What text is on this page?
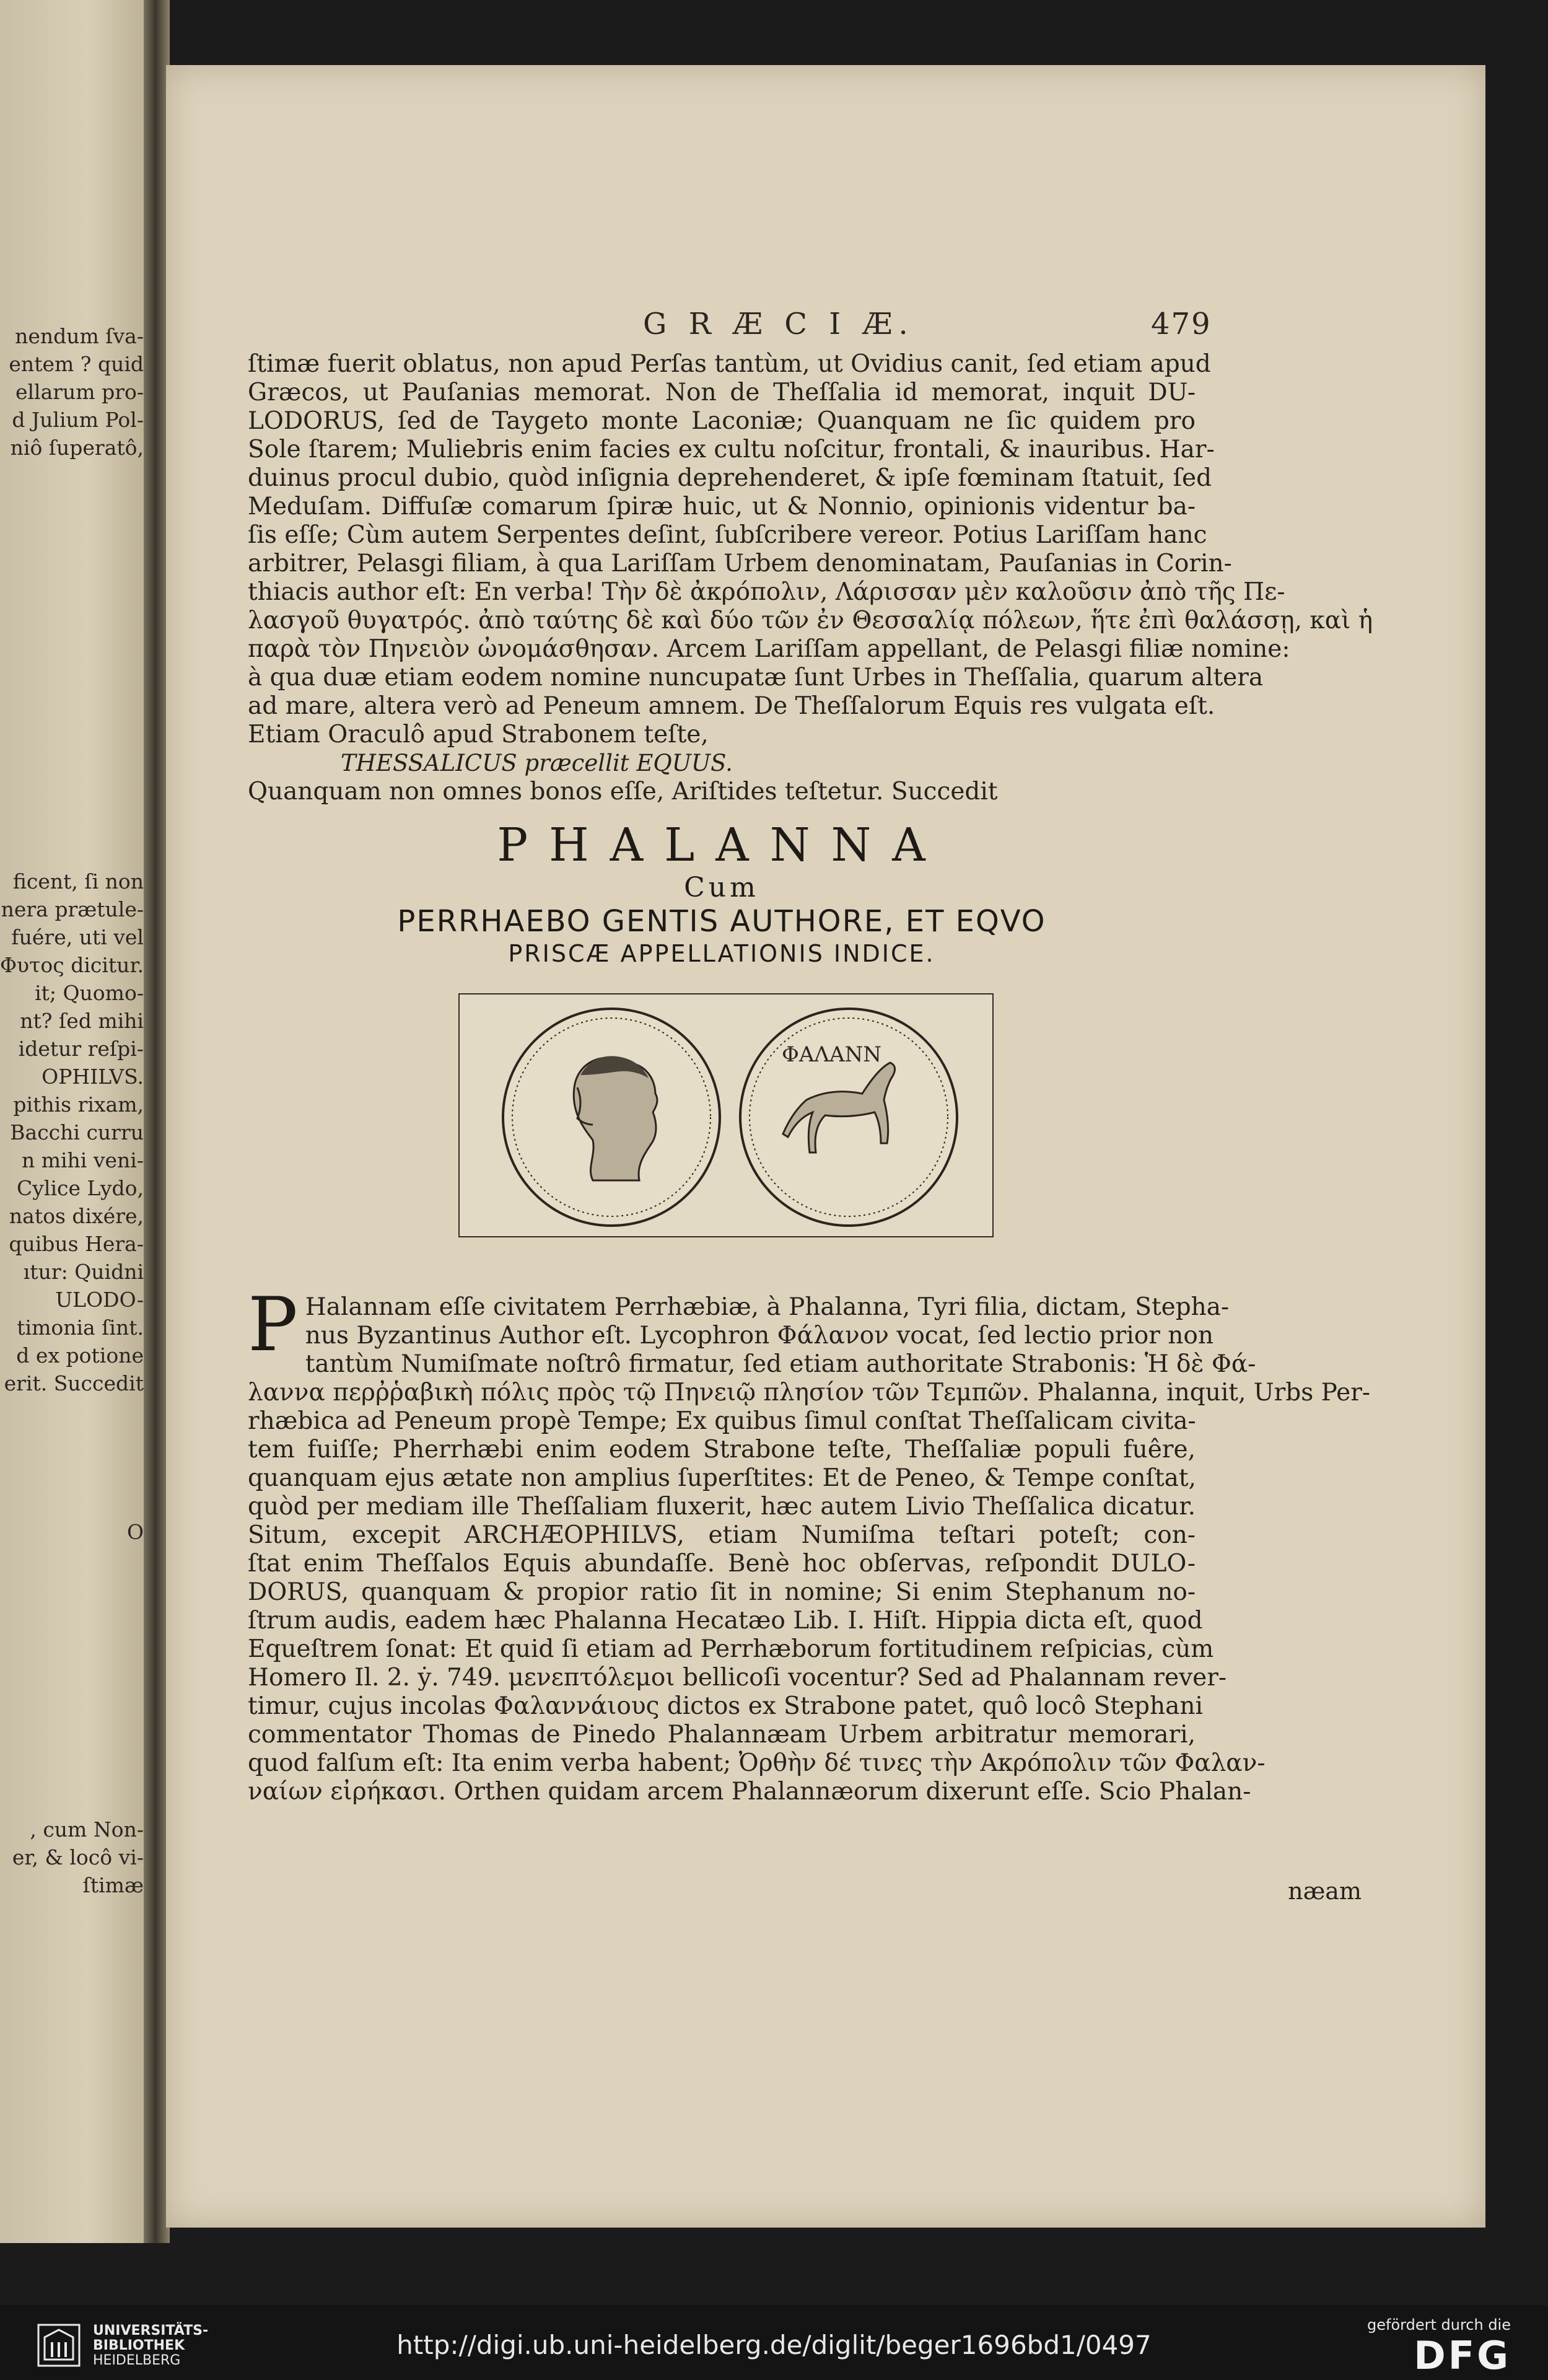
nendum ſva-
entem ? quid
ellarum pro-
d Julium Pol-
niô ſuperatô,
ficent, ſi non
nera prætule-
fuére, uti vel
Φυτος dicitur.
it; Quomo-
nt? ſed mihi
idetur reſpi-
OPHILVS.
pithis rixam,
Bacchi curru
n mihi veni-
Cylice Lydo,
natos dixére,
quibus Hera-
ıtur: Quidni
ULODO-
timonia ſint.
d ex potione
erit. Succedit
O
, cum Non-
er, & locô vi-
ſtimæ
G R Æ C I Æ.	479
ſtimæ fuerit oblatus, non apud Perſas tantùm, ut Ovidius canit, ſed etiam apud
Græcos, ut Pauſanias memorat. Non de Theſſalia id memorat, inquit DU-
LODORUS, ſed de Taygeto monte Laconiæ; Quanquam ne ſic quidem pro
Sole ſtarem; Muliebris enim facies ex cultu noſcitur, frontali, & inauribus. Har-
duinus procul dubio, quòd inſignia deprehenderet, & ipſe fœminam ſtatuit, ſed
Meduſam. Diffuſæ comarum ſpiræ huic, ut & Nonnio, opinionis videntur ba-
ſis eſſe; Cùm autem Serpentes deſint, ſubſcribere vereor. Potius Lariſſam hanc
arbitrer, Pelasgi filiam, à qua Lariſſam Urbem denominatam, Pauſanias in Corin-
thiacis author eſt: En verba! Τὴν δὲ ἀκρόπολιν, Λάρισσαν μὲν καλοῦσιν ἀπὸ τῆς Πε-
λασγοῦ θυγατρός. ἀπὸ ταύτης δὲ καὶ δύο τῶν ἐν Θεσσαλίᾳ πόλεων, ἥτε ἐπὶ θαλάσσῃ, καὶ ἡ
παρὰ τὸν Πηνειὸν ὠνομάσθησαν. Arcem Lariſſam appellant, de Pelasgi filiæ nomine:
à qua duæ etiam eodem nomine nuncupatæ ſunt Urbes in Theſſalia, quarum altera
ad mare, altera verò ad Peneum amnem. De Theſſalorum Equis res vulgata eſt.
Etiam Oraculô apud Strabonem teſte,
THESSALICUS præcellit EQUUS.
Quanquam non omnes bonos eſſe, Ariſtides teſtetur. Succedit
PHALANNA
Cum
PERRHAEBO GENTIS AUTHORE, ET EQVO
PRISCÆ APPELLATIONIS INDICE.
ΦΑΛΑΝΝ
P Halannam eſſe civitatem Perrhæbiæ, à Phalanna, Tyri filia, dictam, Stepha-
nus Byzantinus Author eſt. Lycophron Φάλανον vocat, ſed lectio prior non
tantùm Numiſmate noſtrô firmatur, ſed etiam authoritate Strabonis: Ἡ δὲ Φά-
λαννα περῤῥαβικὴ πόλις πρὸς τῷ Πηνειῷ πλησίον τῶν Τεμπῶν. Phalanna, inquit, Urbs Per-
rhæbica ad Peneum propè Tempe; Ex quibus ſimul conſtat Theſſalicam civita-
tem fuiſſe; Pherrhæbi enim eodem Strabone teſte, Theſſaliæ populi fuêre,
quanquam ejus ætate non amplius ſuperſtites: Et de Peneo, & Tempe conſtat,
quòd per mediam ille Theſſaliam fluxerit, hæc autem Livio Theſſalica dicatur.
Situm, excepit ARCHÆOPHILVS, etiam Numiſma teſtari poteſt; con-
ſtat enim Theſſalos Equis abundaſſe. Benè hoc obſervas, reſpondit DULO-
DORUS, quanquam & propior ratio ſit in nomine; Si enim Stephanum no-
ſtrum audis, eadem hæc Phalanna Hecatæo Lib. I. Hiſt. Hippia dicta eſt, quod
Equeſtrem ſonat: Et quid ſi etiam ad Perrhæborum fortitudinem reſpicias, cùm
Homero Il. 2. ẏ. 749. μενεπτόλεμοι bellicoſi vocentur? Sed ad Phalannam rever-
timur, cujus incolas Φαλαννάιους dictos ex Strabone patet, quô locô Stephani
commentator Thomas de Pinedo Phalannæam Urbem arbitratur memorari,
quod falſum eſt: Ita enim verba habent; Ὀρθὴν δέ τινες τὴν Ακρόπολιν τῶν Φαλαν-
ναίων εἰρήκασι. Orthen quidam arcem Phalannæorum dixerunt eſſe. Scio Phalan-
næam
UNIVERSITÄTS-
BIBLIOTHEK
HEIDELBERG
http://digi.ub.uni-heidelberg.de/diglit/beger1696bd1/0497
gefördert durch die
DFG
